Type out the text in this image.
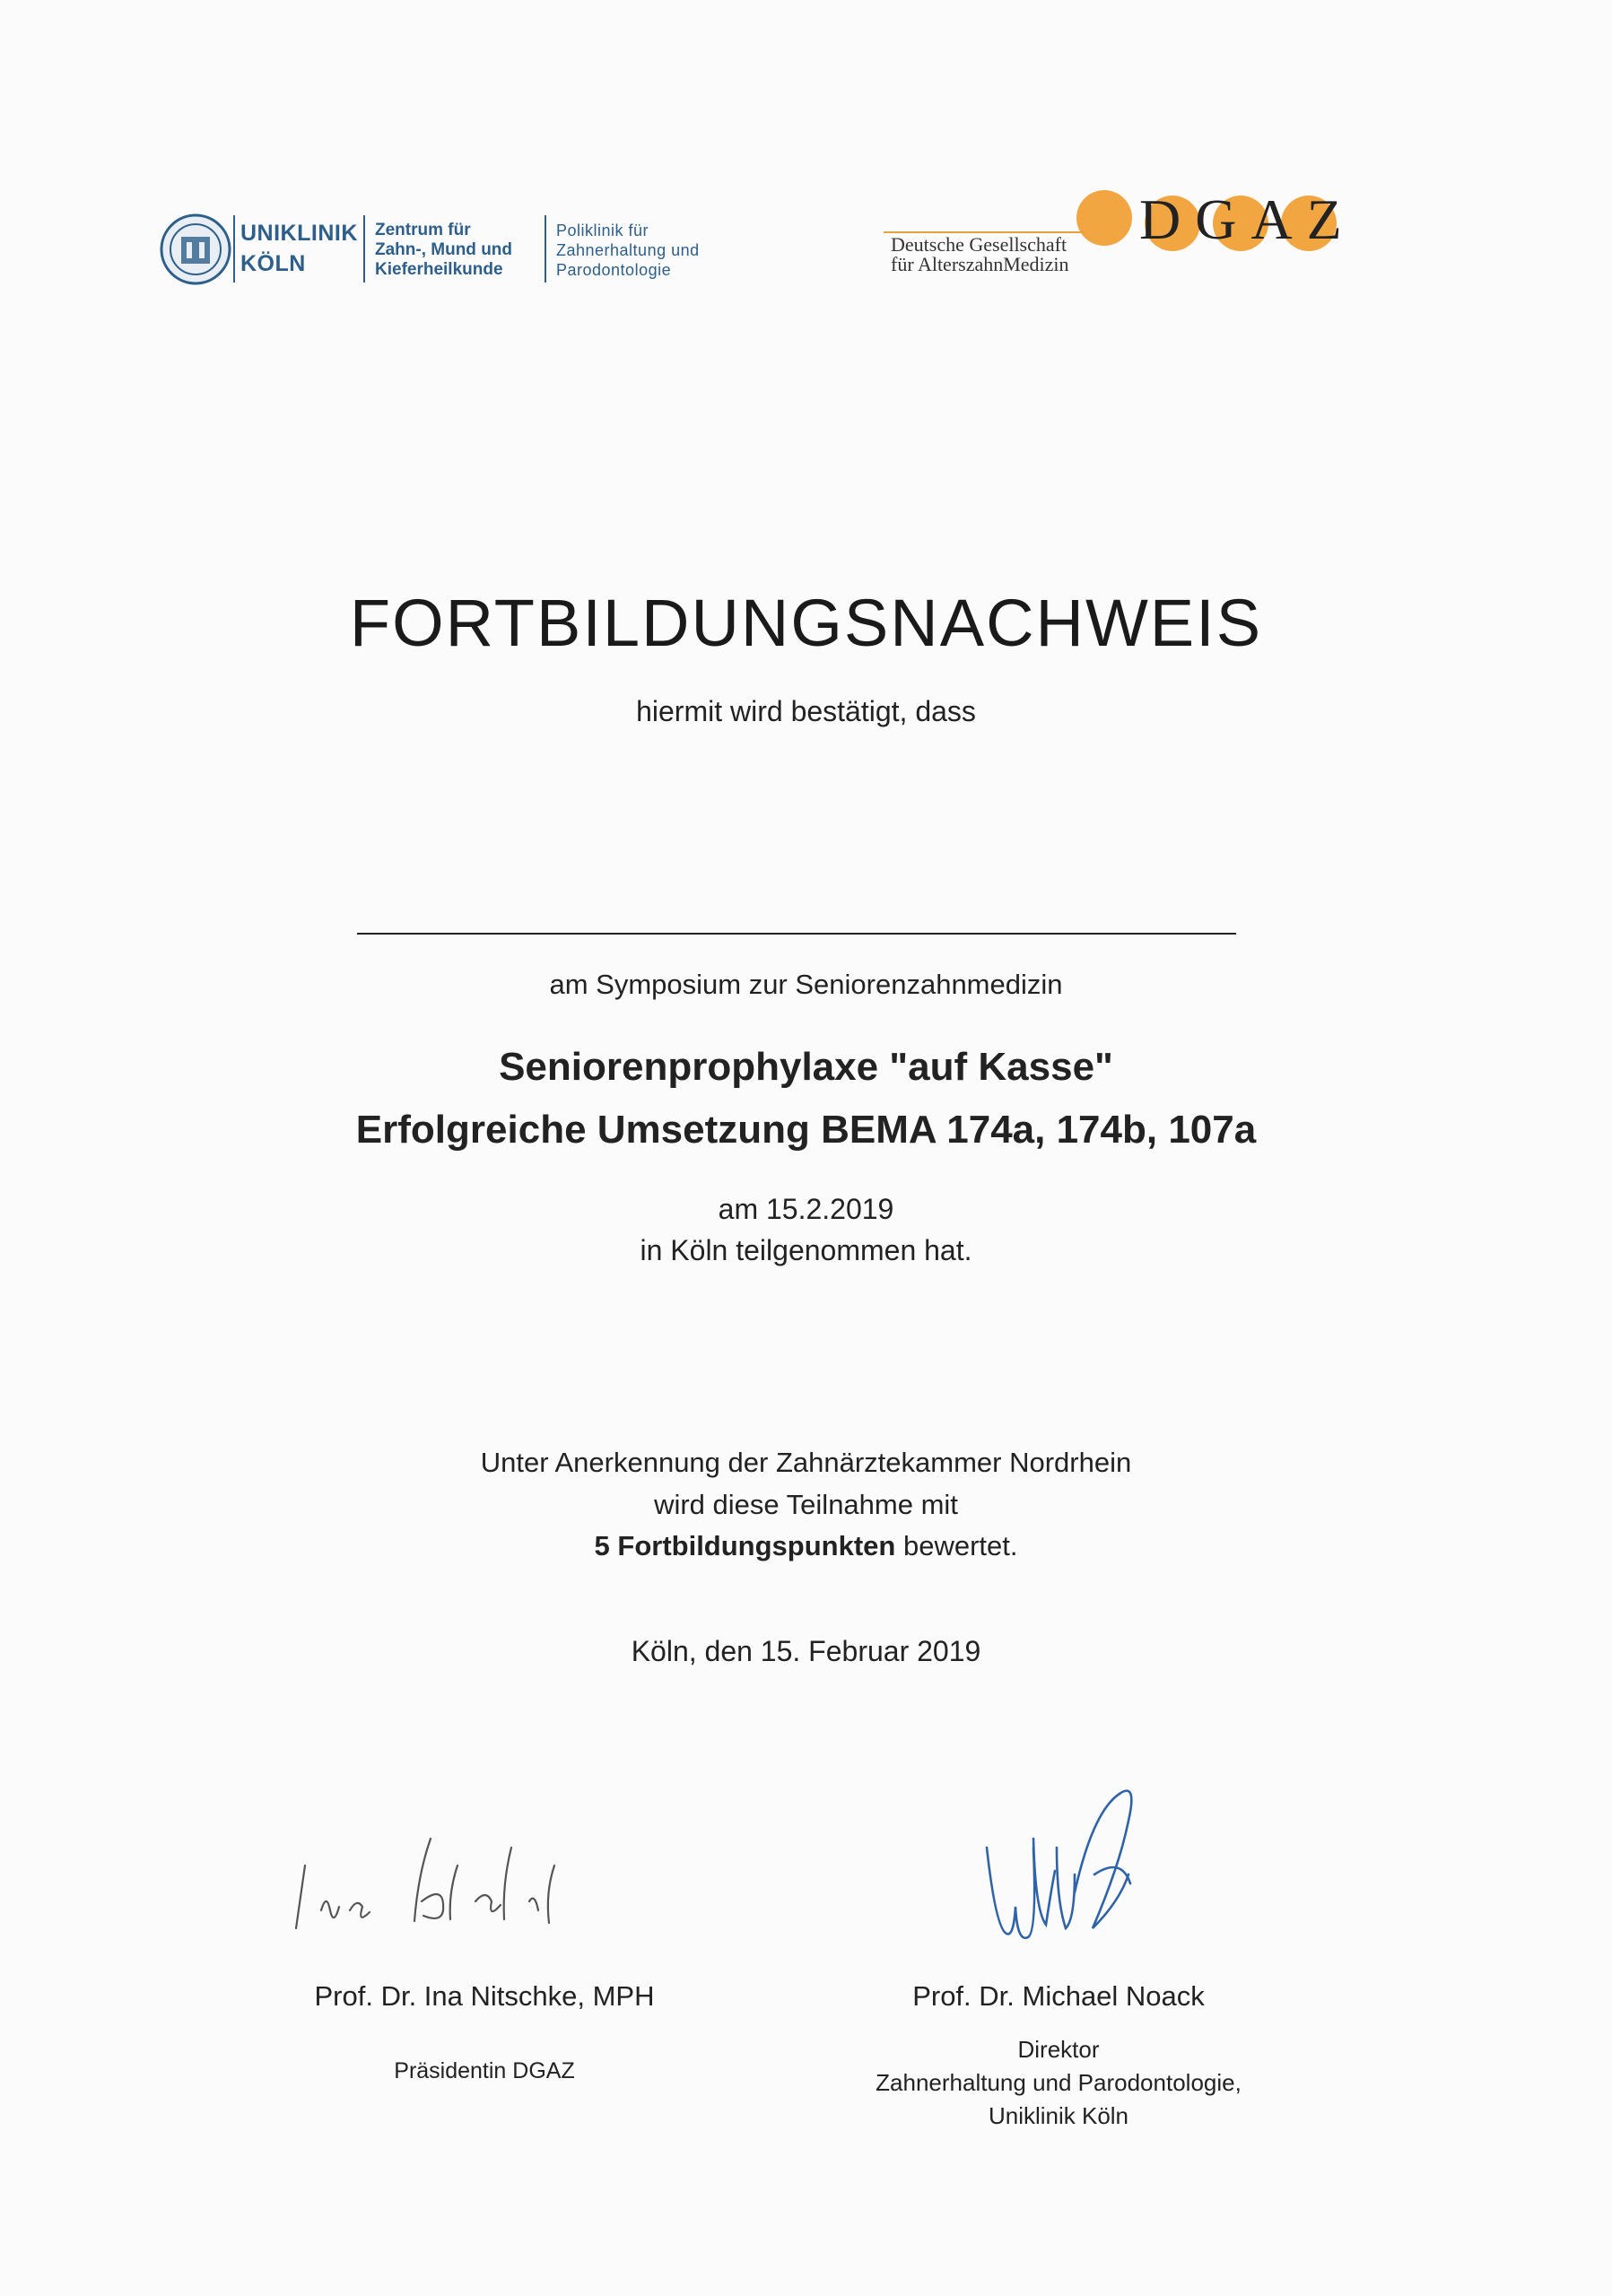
UNIKLINIK
KÖLN
Zentrum für
Zahn-, Mund und
Kieferheilkunde
Poliklinik für
Zahnerhaltung und
Parodontologie
DGAZ
Deutsche Gesellschaft
für AlterszahnMedizin
FORTBILDUNGSNACHWEIS
hiermit wird bestätigt, dass
am Symposium zur Seniorenzahnmedizin
Seniorenprophylaxe "auf Kasse"
Erfolgreiche Umsetzung BEMA 174a, 174b, 107a
am 15.2.2019
in Köln teilgenommen hat.
Unter Anerkennung der Zahnärztekammer Nordrhein
wird diese Teilnahme mit
5 Fortbildungspunkten bewertet.
Köln, den 15. Februar 2019
Prof. Dr. Ina Nitschke, MPH
Präsidentin DGAZ
Prof. Dr. Michael Noack
Direktor
Zahnerhaltung und Parodontologie,
Uniklinik Köln
